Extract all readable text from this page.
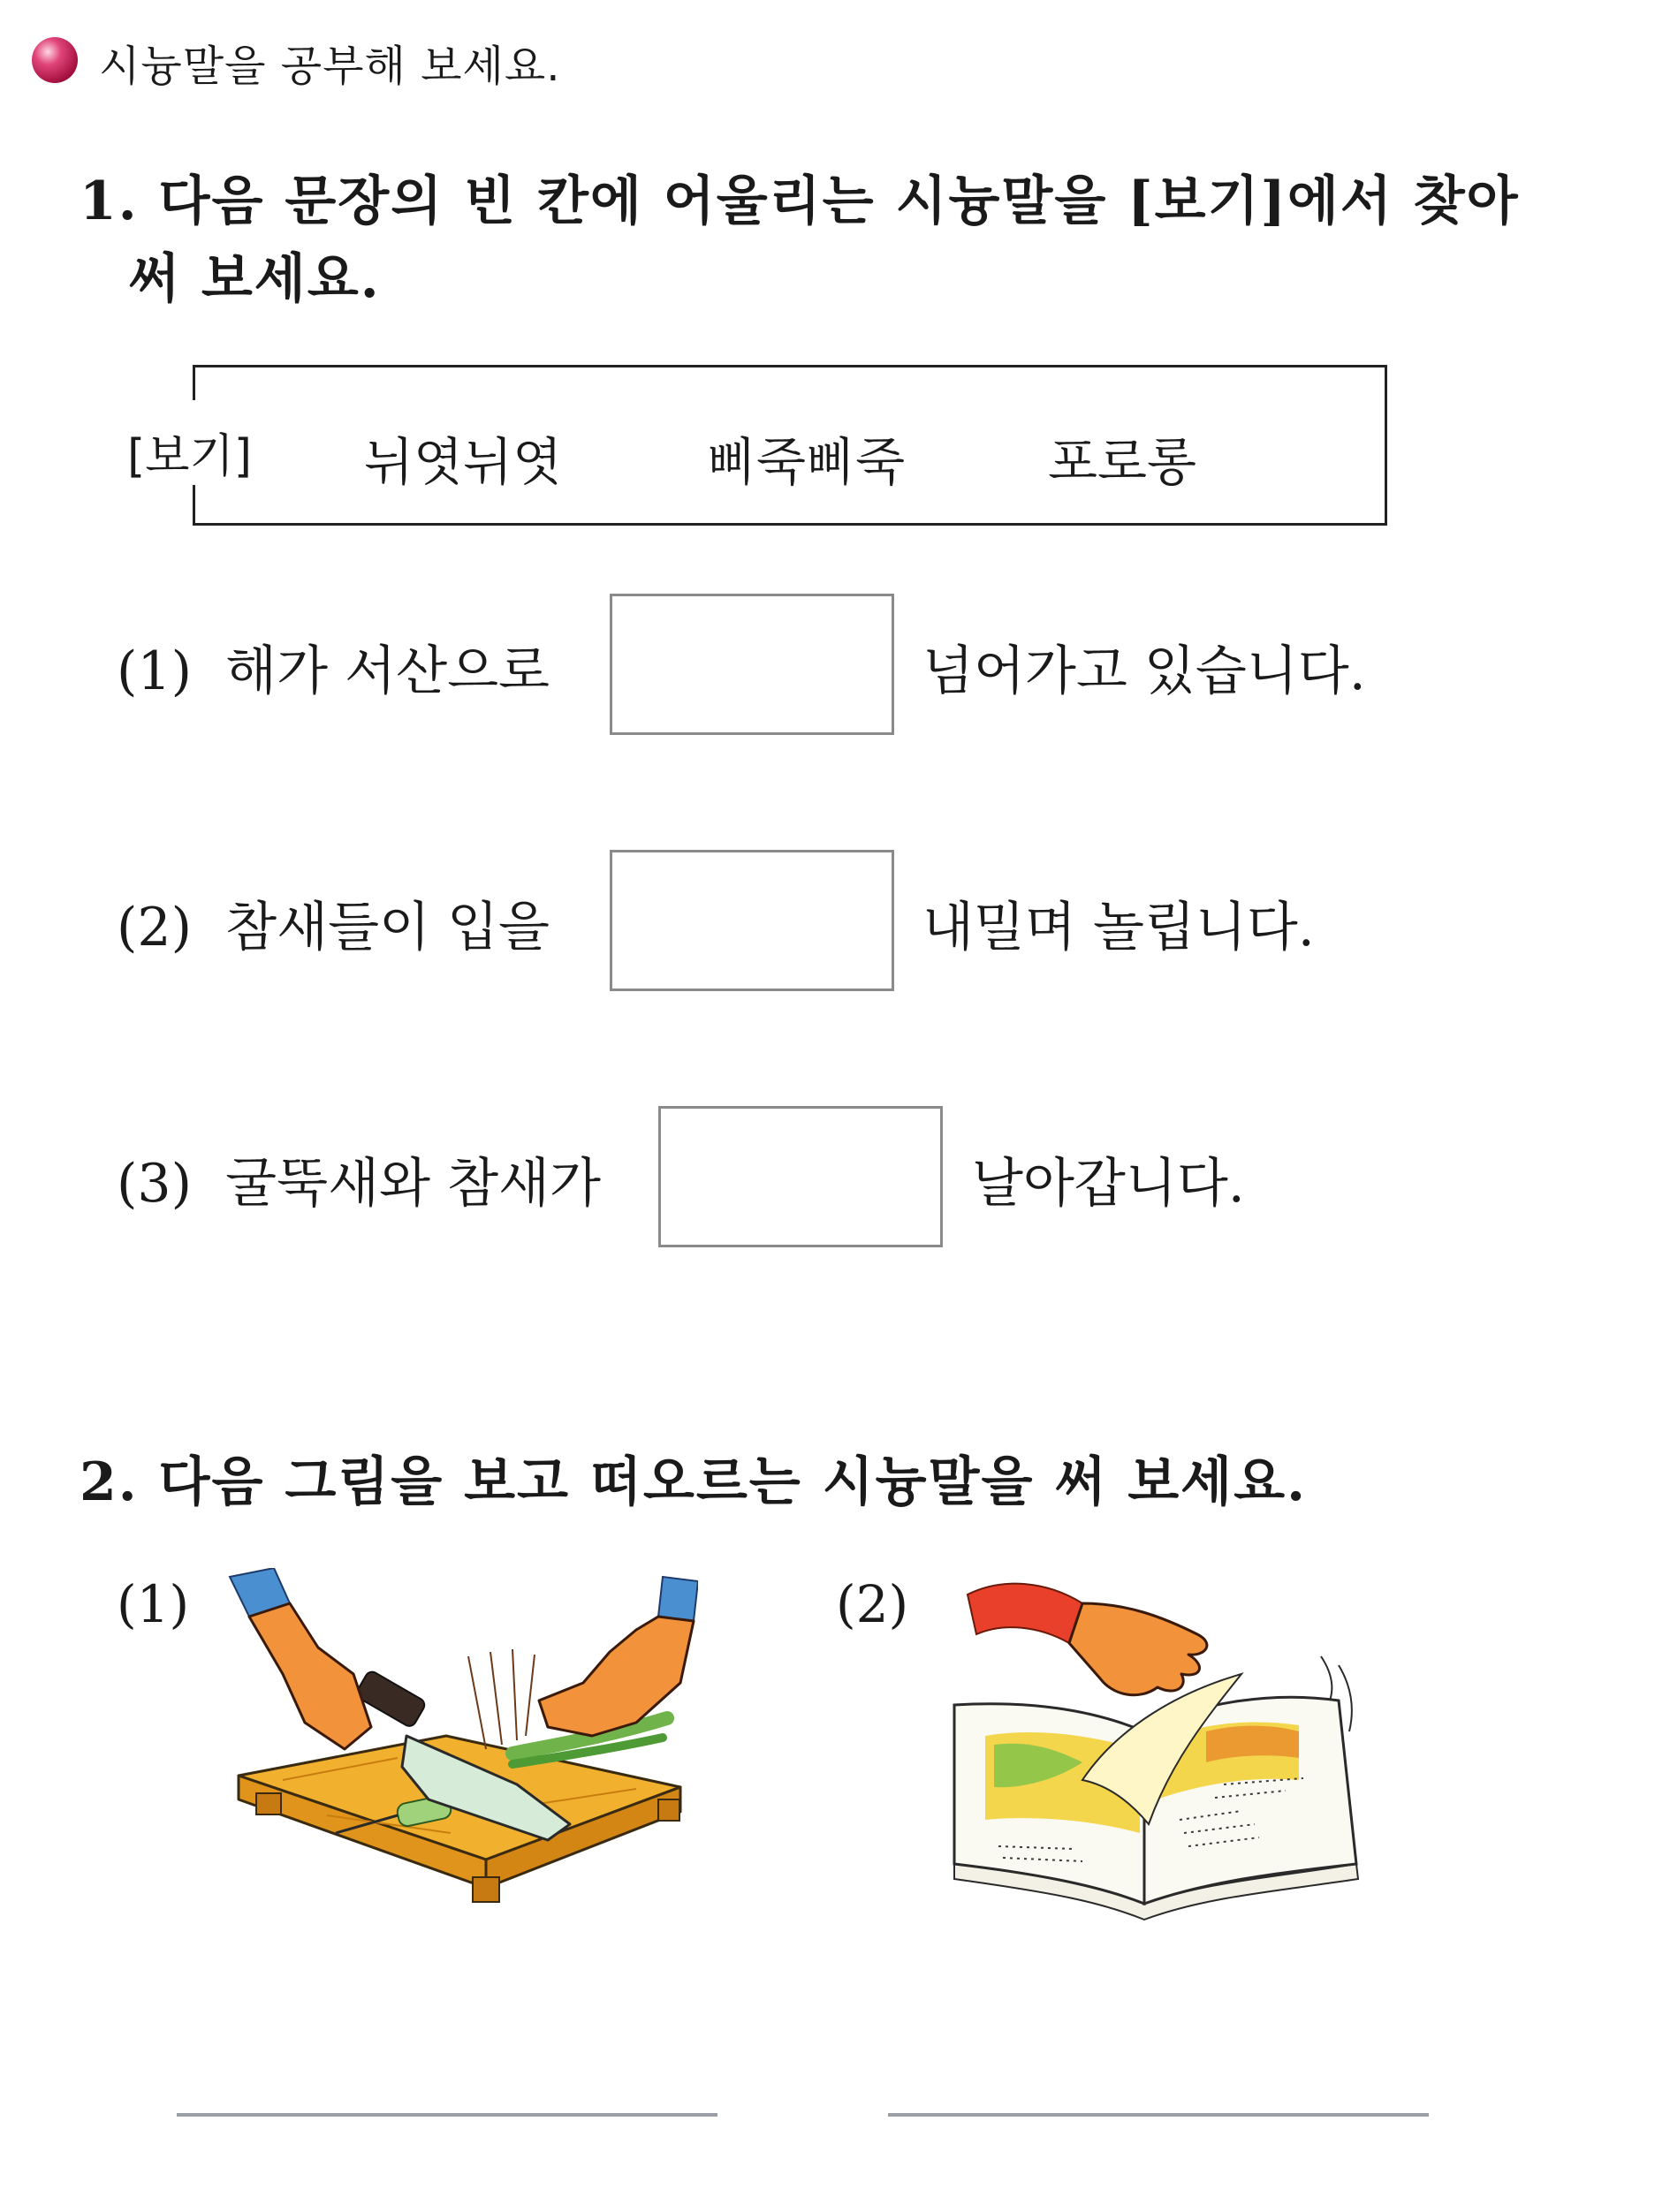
시늉말을 공부해 보세요.
1. 다음 문장의 빈 칸에 어울리는 시늉말을 [보기]에서 찾아
써 보세요.
[보기] 뉘엿뉘엿	삐죽삐죽	포로롱
(1) 해가 서산으로	넘어가고 있습니다.
(2) 참새들이 입을	내밀며 놀립니다.
(3) 굴뚝새와 참새가	날아갑니다.
2. 다음 그림을 보고 떠오르는 시늉말을 써 보세요.
(1)	(2)
